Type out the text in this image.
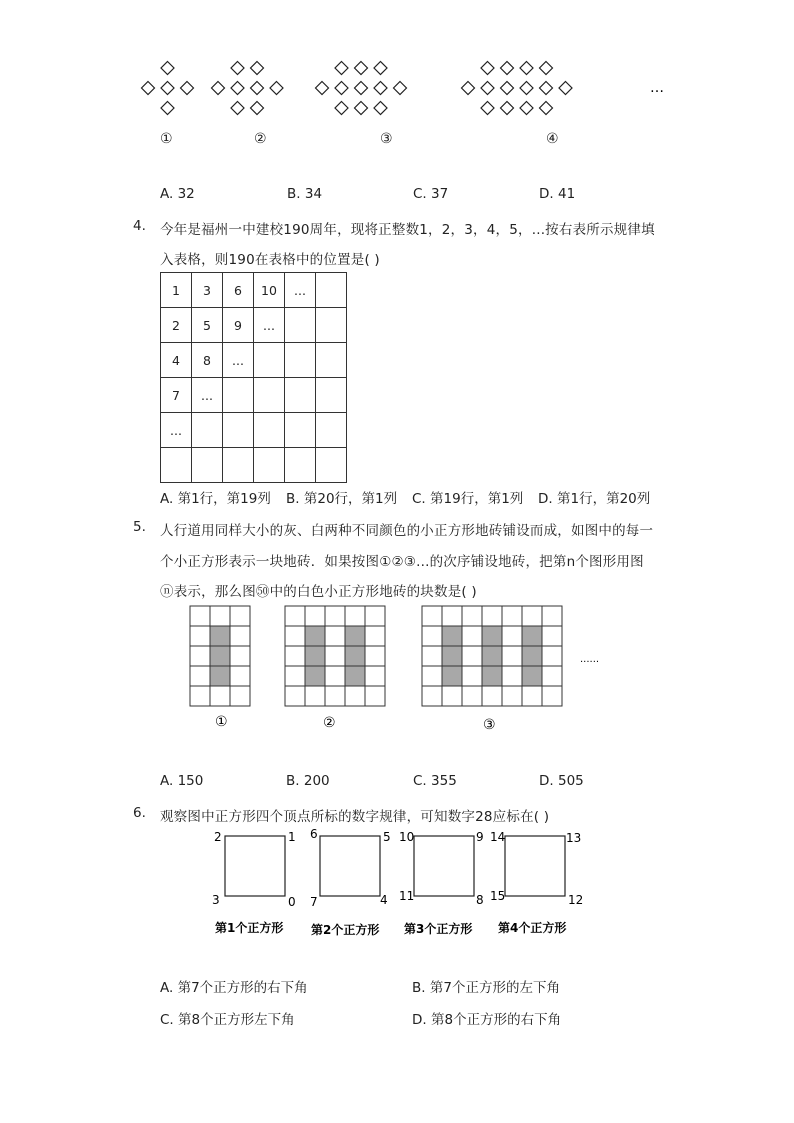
…
①	②	③	④
A. 32	B. 34	C. 37	D. 41
4. 今年是福州一中建校190周年，现将正整数1，2，3，4，5，...按右表所示规律填
入表格，则190在表格中的位置是( )
1	3	6	10	...	
2	5	9	...		
4	8	...			
7	...				
...					

A. 第1行，第19列 B. 第20行，第1列 C. 第19行，第1列 D. 第1行，第20列
5. 人行道用同样大小的灰、白两种不同颜色的小正方形地砖铺设而成，如图中的每一
个小正方形表示一块地砖．如果按图①②③...的次序铺设地砖，把第n个图形用图
ⓝ表示，那么图㊿中的白色小正方形地砖的块数是( )
①	②	③
......
A. 150	B. 200	C. 355	D. 505
6. 观察图中正方形四个顶点所标的数字规律，可知数字28应标在( )
2	1
3	0
第1个正方形
6	5
7	4
第2个正方形
10	9
11	8
第3个正方形
14	13
15	12
第4个正方形
A. 第7个正方形的右下角	B. 第7个正方形的左下角
C. 第8个正方形左下角	D. 第8个正方形的右下角
